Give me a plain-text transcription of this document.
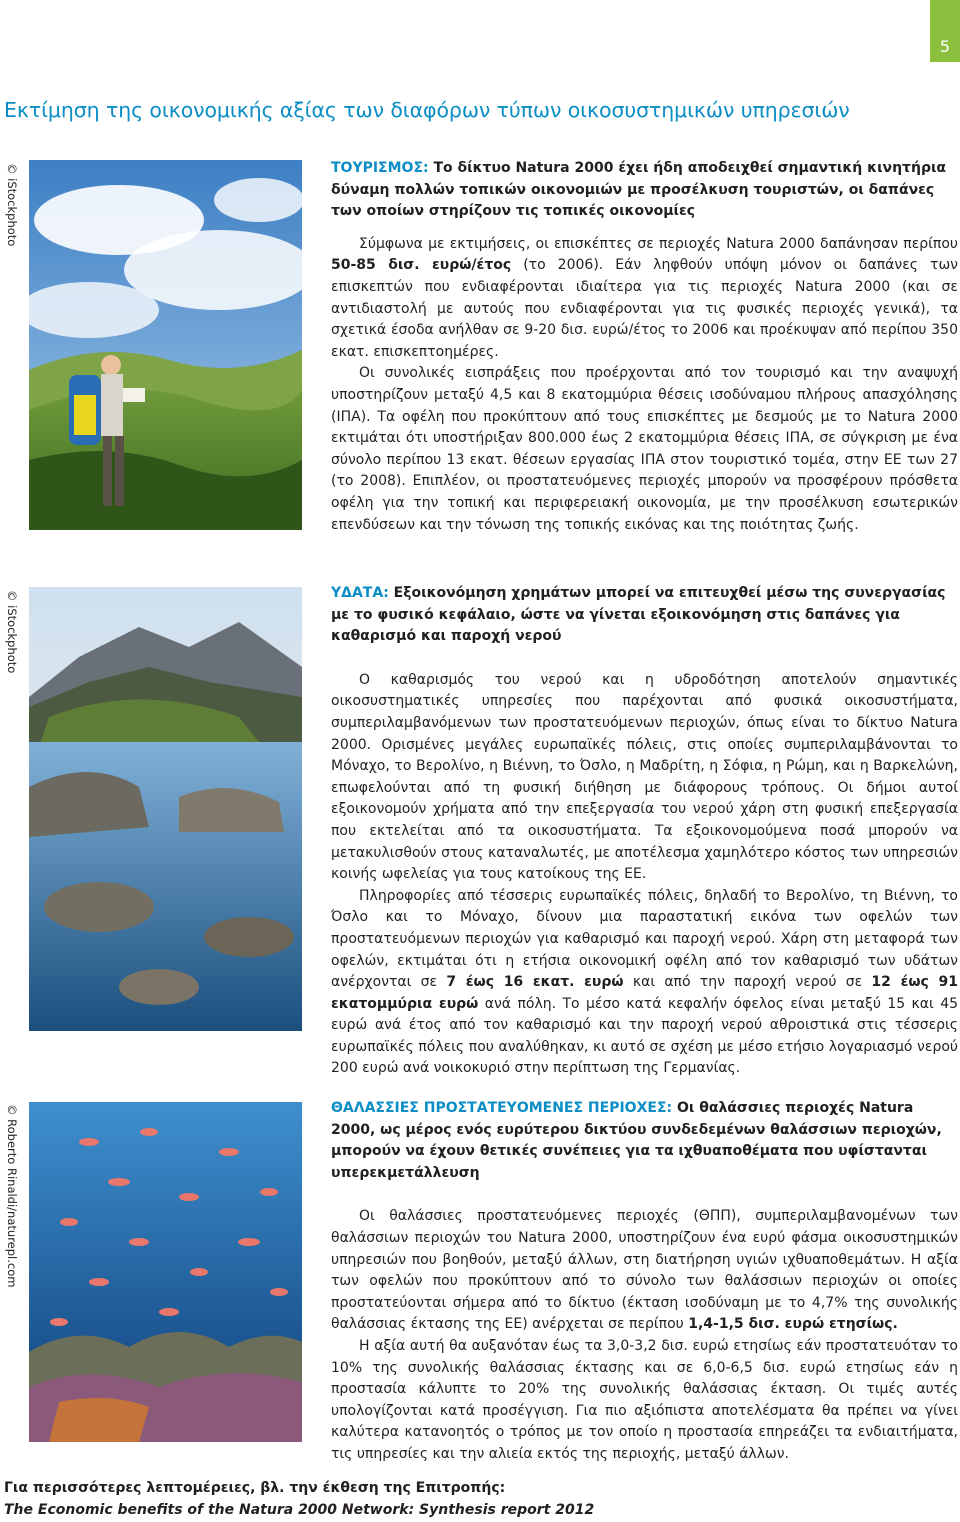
5
Εκτίμηση της οικονομικής αξίας των διαφόρων τύπων οικοσυστημικών υπηρεσιών
© iStockphoto
© iStockphoto
© Roberto Rinaldi/naturepl.com

ΤΟΥΡΙΣΜΟΣ: Το δίκτυο Natura 2000 έχει ήδη αποδειχθεί σημαντική κινητήρια δύναμη πολλών τοπικών οικονομιών με προσέλκυση τουριστών, οι δαπάνες των οποίων στηρίζουν τις τοπικές οικονομίες

Σύμφωνα με εκτιμήσεις, οι επισκέπτες σε περιοχές Natura 2000 δαπάνησαν περίπου 50-85 δισ. ευρώ/έτος (το 2006). Εάν ληφθούν υπόψη μόνον οι δαπάνες των επισκεπτών που ενδιαφέρονται ιδιαίτερα για τις περιοχές Natura 2000 (και σε αντιδιαστολή με αυτούς που ενδιαφέρονται για τις φυσικές περιοχές γενικά), τα σχετικά έσοδα ανήλθαν σε 9-20 δισ. ευρώ/έτος το 2006 και προέκυψαν από περίπου 350 εκατ. επισκεπτοημέρες.

Οι συνολικές εισπράξεις που προέρχονται από τον τουρισμό και την αναψυχή υποστηρίζουν μεταξύ 4,5 και 8 εκατομμύρια θέσεις ισοδύναμου πλήρους απασχόλησης (ΙΠΑ). Τα οφέλη που προκύπτουν από τους επισκέπτες με δεσμούς με το Natura 2000 εκτιμάται ότι υποστήριξαν 800.000 έως 2 εκατομμύρια θέσεις ΙΠΑ, σε σύγκριση με ένα σύνολο περίπου 13 εκατ. θέσεων εργασίας ΙΠΑ στον τουριστικό τομέα, στην ΕΕ των 27 (το 2008). Επιπλέον, οι προστατευόμενες περιοχές μπορούν να προσφέρουν πρόσθετα οφέλη για την τοπική και περιφερειακή οικονομία, με την προσέλκυση εσωτερικών επενδύσεων και την τόνωση της τοπικής εικόνας και της ποιότητας ζωής.

ΥΔΑΤΑ: Εξοικονόμηση χρημάτων μπορεί να επιτευχθεί μέσω της συνεργασίας με το φυσικό κεφάλαιο, ώστε να γίνεται εξοικονόμηση στις δαπάνες για καθαρισμό και παροχή νερού

Ο καθαρισμός του νερού και η υδροδότηση αποτελούν σημαντικές οικοσυστηματικές υπηρεσίες που παρέχονται από φυσικά οικοσυστήματα, συμπεριλαμβανόμενων των προστατευόμενων περιοχών, όπως είναι το δίκτυο Natura 2000. Ορισμένες μεγάλες ευρωπαϊκές πόλεις, στις οποίες συμπεριλαμβάνονται το Μόναχο, το Βερολίνο, η Βιέννη, το Όσλο, η Μαδρίτη, η Σόφια, η Ρώμη, και η Βαρκελώνη, επωφελούνται από τη φυσική διήθηση με διάφορους τρόπους. Οι δήμοι αυτοί εξοικονομούν χρήματα από την επεξεργασία του νερού χάρη στη φυσική επεξεργασία που εκτελείται από τα οικοσυστήματα. Τα εξοικονομούμενα ποσά μπορούν να μετακυλισθούν στους καταναλωτές, με αποτέλεσμα χαμηλότερο κόστος των υπηρεσιών κοινής ωφελείας για τους κατοίκους της ΕΕ.

Πληροφορίες από τέσσερις ευρωπαϊκές πόλεις, δηλαδή το Βερολίνο, τη Βιέννη, το Όσλο και το Μόναχο, δίνουν μια παραστατική εικόνα των οφελών των προστατευόμενων περιοχών για καθαρισμό και παροχή νερού. Χάρη στη μεταφορά των οφελών, εκτιμάται ότι η ετήσια οικονομική οφέλη από τον καθαρισμό των υδάτων ανέρχονται σε 7 έως 16 εκατ. ευρώ και από την παροχή νερού σε 12 έως 91 εκατομμύρια ευρώ ανά πόλη. Το μέσο κατά κεφαλήν όφελος είναι μεταξύ 15 και 45 ευρώ ανά έτος από τον καθαρισμό και την παροχή νερού αθροιστικά στις τέσσερις ευρωπαϊκές πόλεις που αναλύθηκαν, κι αυτό σε σχέση με μέσο ετήσιο λογαριασμό νερού 200 ευρώ ανά νοικοκυριό στην περίπτωση της Γερμανίας.

ΘΑΛΑΣΣΙΕΣ ΠΡΟΣΤΑΤΕΥΟΜΕΝΕΣ ΠΕΡΙΟΧΕΣ: Οι θαλάσσιες περιοχές Natura 2000, ως μέρος ενός ευρύτερου δικτύου συνδεδεμένων θαλάσσιων περιοχών, μπορούν να έχουν θετικές συνέπειες για τα ιχθυαποθέματα που υφίστανται υπερεκμετάλλευση

Οι θαλάσσιες προστατευόμενες περιοχές (ΘΠΠ), συμπεριλαμβανομένων των θαλάσσιων περιοχών του Natura 2000, υποστηρίζουν ένα ευρύ φάσμα οικοσυστημικών υπηρεσιών που βοηθούν, μεταξύ άλλων, στη διατήρηση υγιών ιχθυαποθεμάτων. Η αξία των οφελών που προκύπτουν από το σύνολο των θαλάσσιων περιοχών οι οποίες προστατεύονται σήμερα από το δίκτυο (έκταση ισοδύναμη με το 4,7% της συνολικής θαλάσσιας έκτασης της ΕΕ) ανέρχεται σε περίπου 1,4-1,5 δισ. ευρώ ετησίως.

Η αξία αυτή θα αυξανόταν έως τα 3,0-3,2 δισ. ευρώ ετησίως εάν προστατευόταν το 10% της συνολικής θαλάσσιας έκτασης και σε 6,0-6,5 δισ. ευρώ ετησίως εάν η προστασία κάλυπτε το 20% της συνολικής θαλάσσιας έκταση. Οι τιμές αυτές υπολογίζονται κατά προσέγγιση. Για πιο αξιόπιστα αποτελέσματα θα πρέπει να γίνει καλύτερα κατανοητός ο τρόπος με τον οποίο η προστασία επηρεάζει τα ενδιαιτήματα, τις υπηρεσίες και την αλιεία εκτός της περιοχής, μεταξύ άλλων.

Για περισσότερες λεπτομέρειες, βλ. την έκθεση της Επιτροπής:
The Economic benefits of the Natura 2000 Network: Synthesis report 2012
